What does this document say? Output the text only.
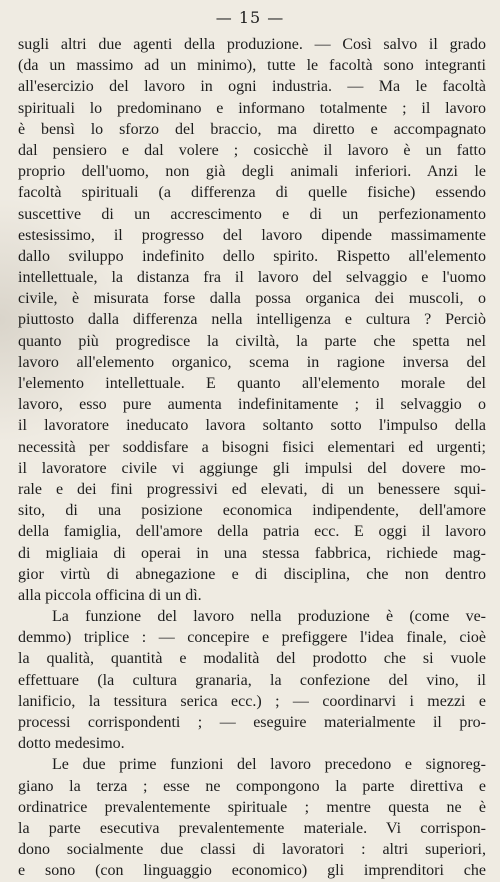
— 15 —
sugli altri due agenti della produzione. — Così salvo il grado
(da un massimo ad un minimo), tutte le facoltà sono integranti
all'esercizio del lavoro in ogni industria. — Ma le facoltà
spirituali lo predominano e informano totalmente ; il lavoro
è bensì lo sforzo del braccio, ma diretto e accompagnato
dal pensiero e dal volere ; cosicchè il lavoro è un fatto
proprio dell'uomo, non già degli animali inferiori. Anzi le
facoltà spirituali (a differenza di quelle fisiche) essendo
suscettive di un accrescimento e di un perfezionamento
estesissimo, il progresso del lavoro dipende massimamente
dallo sviluppo indefinito dello spirito. Rispetto all'elemento
intellettuale, la distanza fra il lavoro del selvaggio e l'uomo
civile, è misurata forse dalla possa organica dei muscoli, o
piuttosto dalla differenza nella intelligenza e cultura ? Perciò
quanto più progredisce la civiltà, la parte che spetta nel
lavoro all'elemento organico, scema in ragione inversa del
l'elemento intellettuale. E quanto all'elemento morale del
lavoro, esso pure aumenta indefinitamente ; il selvaggio o
il lavoratore ineducato lavora soltanto sotto l'impulso della
necessità per soddisfare a bisogni fisici elementari ed urgenti;
il lavoratore civile vi aggiunge gli impulsi del dovere mo-
rale e dei fini progressivi ed elevati, di un benessere squi-
sito, di una posizione economica indipendente, dell'amore
della famiglia, dell'amore della patria ecc. E oggi il lavoro
di migliaia di operai in una stessa fabbrica, richiede mag-
gior virtù di abnegazione e di disciplina, che non dentro
alla piccola officina di un dì.
La funzione del lavoro nella produzione è (come ve-
demmo) triplice : — concepire e prefiggere l'idea finale, cioè
la qualità, quantità e modalità del prodotto che si vuole
effettuare (la cultura granaria, la confezione del vino, il
lanificio, la tessitura serica ecc.) ; — coordinarvi i mezzi e
processi corrispondenti ; — eseguire materialmente il pro-
dotto medesimo.
Le due prime funzioni del lavoro precedono e signoreg-
giano la terza ; esse ne compongono la parte direttiva e
ordinatrice prevalentemente spirituale ; mentre questa ne è
la parte esecutiva prevalentemente materiale. Vi corrispon-
dono socialmente due classi di lavoratori : altri superiori,
e sono (con linguaggio economico) gli imprenditori che
